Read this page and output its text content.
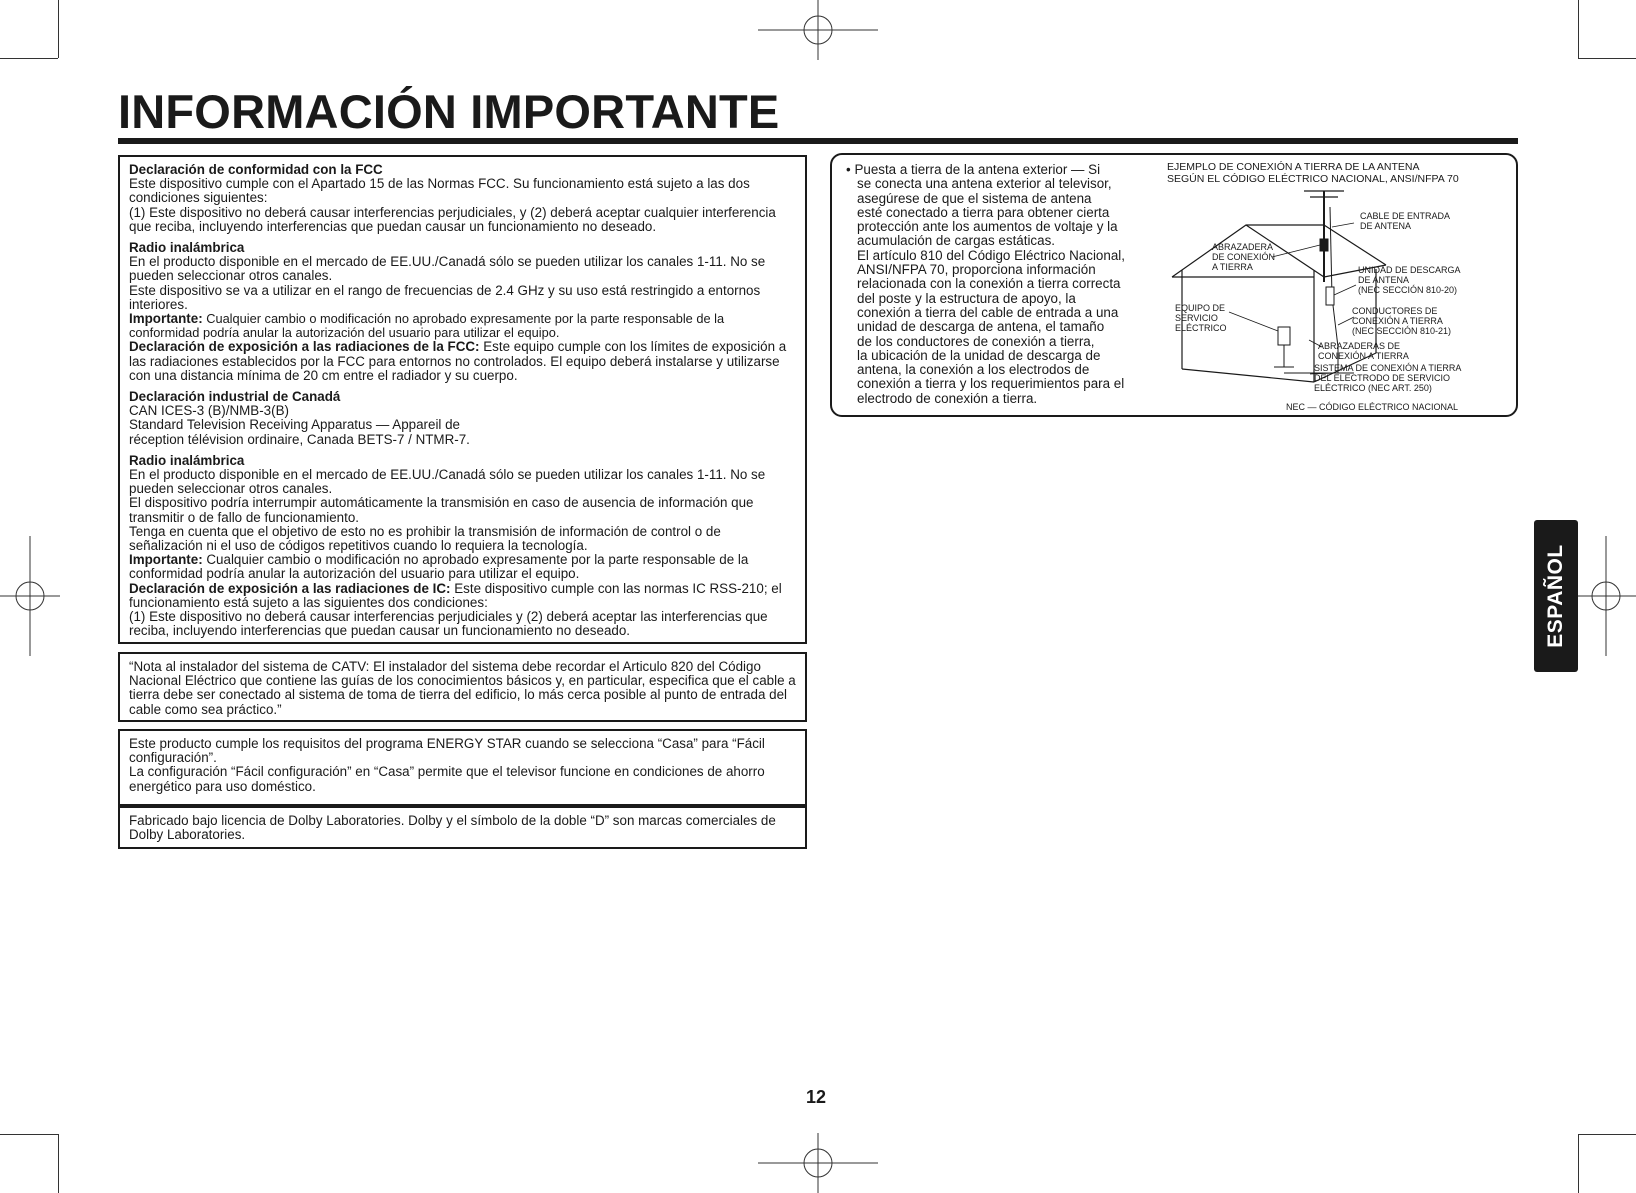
INFORMACIÓN IMPORTANTE

Declaración de conformidad con la FCC

Este dispositivo cumple con el Apartado 15 de las Normas FCC. Su funcionamiento está sujeto a las dos condiciones siguientes:

(1) Este dispositivo no deberá causar interferencias perjudiciales, y (2) deberá aceptar cualquier interferencia que reciba, incluyendo interferencias que puedan causar un funcionamiento no deseado.

Radio inalámbrica

En el producto disponible en el mercado de EE.UU./Canadá sólo se pueden utilizar los canales 1-11. No se pueden seleccionar otros canales.

Este dispositivo se va a utilizar en el rango de frecuencias de 2.4 GHz y su uso está restringido a entornos interiores.

Importante: Cualquier cambio o modificación no aprobado expresamente por la parte responsable de la conformidad podría anular la autorización del usuario para utilizar el equipo.

Declaración de exposición a las radiaciones de la FCC: Este equipo cumple con los límites de exposición a las radiaciones establecidos por la FCC para entornos no controlados. El equipo deberá instalarse y utilizarse con una distancia mínima de 20 cm entre el radiador y su cuerpo.

Declaración industrial de Canadá

CAN ICES-3 (B)/NMB-3(B)

Standard Television Receiving Apparatus — Appareil de

réception télévision ordinaire, Canada BETS-7 / NTMR-7.

Radio inalámbrica

En el producto disponible en el mercado de EE.UU./Canadá sólo se pueden utilizar los canales 1-11. No se pueden seleccionar otros canales.

El dispositivo podría interrumpir automáticamente la transmisión en caso de ausencia de información que transmitir o de fallo de funcionamiento.

Tenga en cuenta que el objetivo de esto no es prohibir la transmisión de información de control o de señalización ni el uso de códigos repetitivos cuando lo requiera la tecnología.

Importante: Cualquier cambio o modificación no aprobado expresamente por la parte responsable de la conformidad podría anular la autorización del usuario para utilizar el equipo.

Declaración de exposición a las radiaciones de IC: Este dispositivo cumple con las normas IC RSS-210; el funcionamiento está sujeto a las siguientes dos condiciones:

(1) Este dispositivo no deberá causar interferencias perjudiciales y (2) deberá aceptar las interferencias que reciba, incluyendo interferencias que puedan causar un funcionamiento no deseado.

“Nota al instalador del sistema de CATV: El instalador del sistema debe recordar el Articulo 820 del Código Nacional Eléctrico que contiene las guías de los conocimientos básicos y, en particular, especifica que el cable a tierra debe ser conectado al sistema de toma de tierra del edificio, lo más cerca posible al punto de entrada del cable como sea práctico.”

Este producto cumple los requisitos del programa ENERGY STAR cuando se selecciona “Casa” para “Fácil configuración”.

La configuración “Fácil configuración” en “Casa” permite que el televisor funcione en condiciones de ahorro energético para uso doméstico.

Fabricado bajo licencia de Dolby Laboratories. Dolby y el símbolo de la doble “D” son marcas comerciales de Dolby Laboratories.

• Puesta a tierra de la antena exterior — Si
se conecta una antena exterior al televisor,
asegúrese de que el sistema de antena
esté conectado a tierra para obtener cierta
protección ante los aumentos de voltaje y la
acumulación de cargas estáticas.
El artículo 810 del Código Eléctrico Nacional,
ANSI/NFPA 70, proporciona información
relacionada con la conexión a tierra correcta
del poste y la estructura de apoyo, la
conexión a tierra del cable de entrada a una
unidad de descarga de antena, el tamaño
de los conductores de conexión a tierra,
la ubicación de la unidad de descarga de
antena, la conexión a los electrodos de
conexión a tierra y los requerimientos para el
electrodo de conexión a tierra.
EJEMPLO DE CONEXIÓN A TIERRA DE LA ANTENA
SEGÚN EL CÓDIGO ELÉCTRICO NACIONAL, ANSI/NFPA 70
CABLE DE ENTRADA
DE ANTENA
ABRAZADERA
DE CONEXIÓN
A TIERRA	UNIDAD DE DESCARGA
DE ANTENA
(NEC SECCIÓN 810-20)
EQUIPO DE
SERVICIO
ELÉCTRICO
CONDUCTORES DE
CONEXIÓN A TIERRA
(NEC SECCIÓN 810-21)
ABRAZADERAS DE
CONEXIÓN A TIERRA
SISTEMA DE CONEXIÓN A TIERRA
DEL ELECTRODO DE SERVICIO
ELÉCTRICO (NEC ART. 250)
NEC — CÓDIGO ELÉCTRICO NACIONAL
ESPAÑOL
12
